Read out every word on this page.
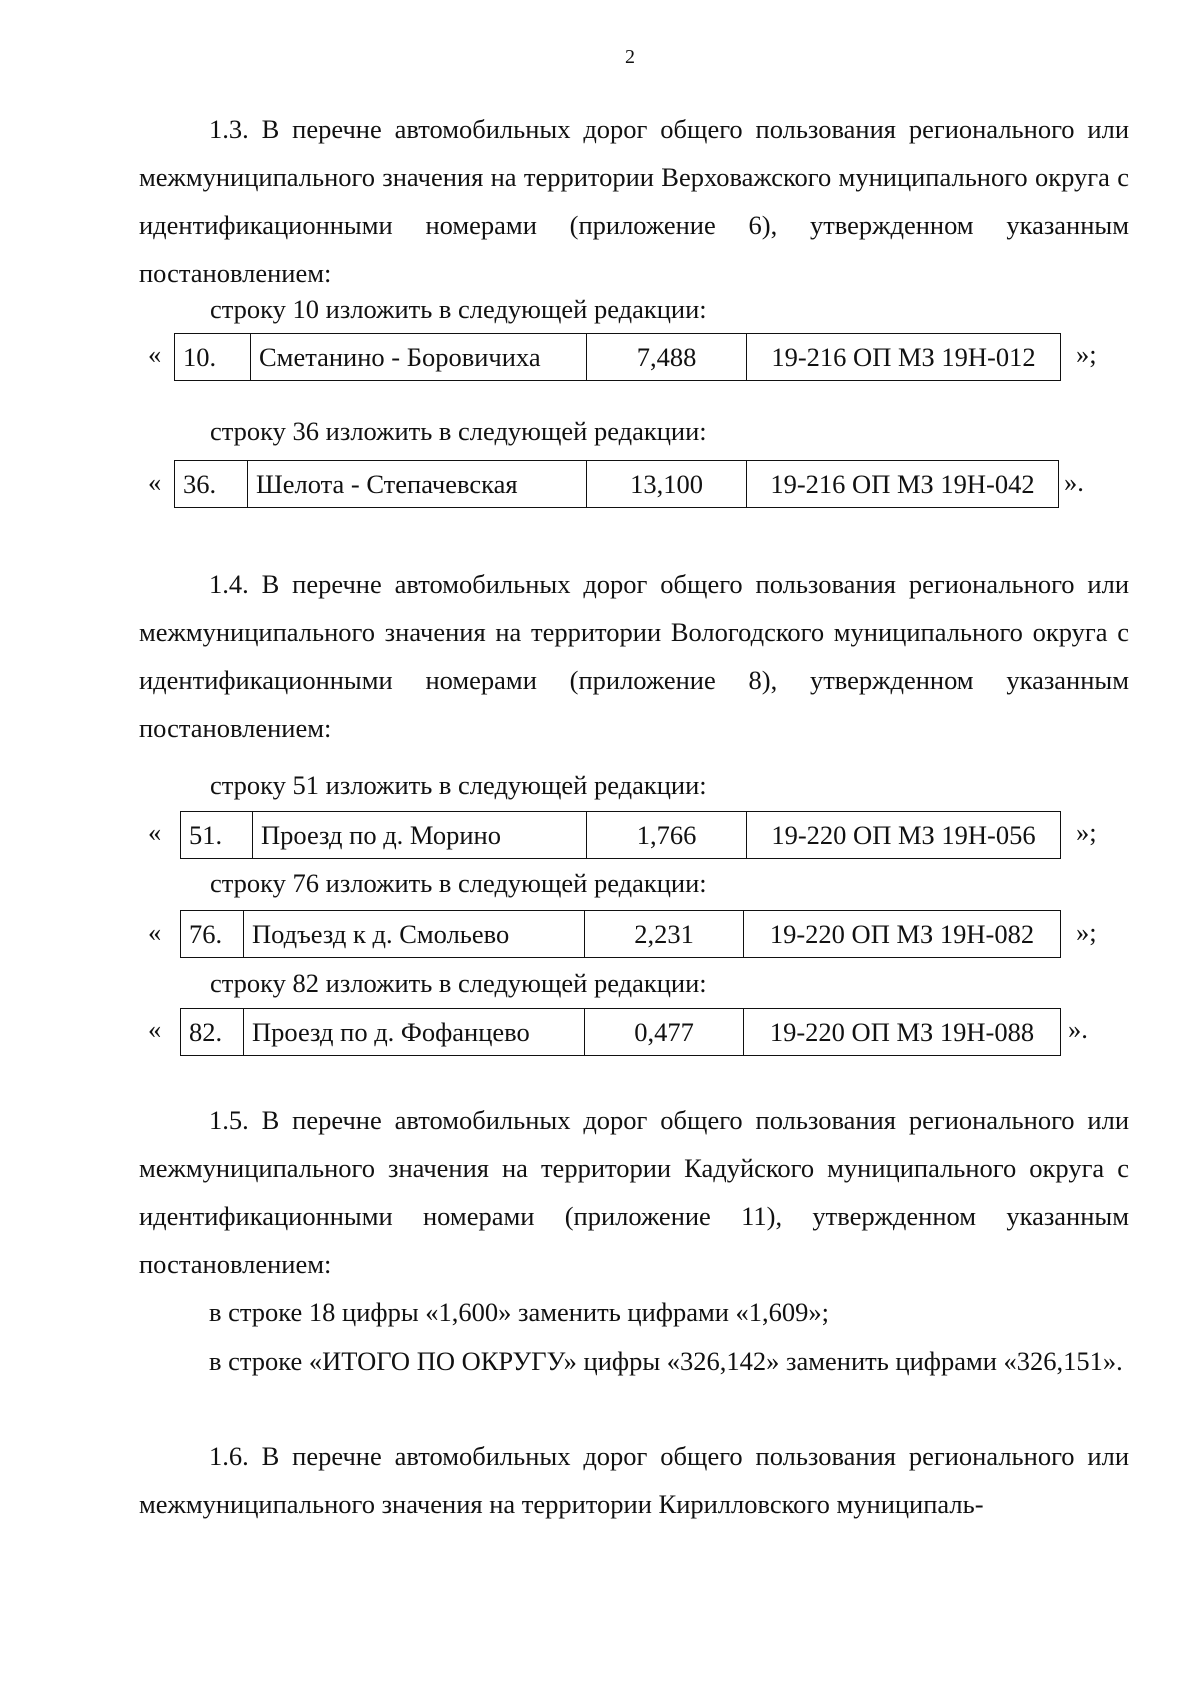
2

1.3. В перечне автомобильных дорог общего пользования регионального или межмуниципального значения на территории Верховажского муниципального округа с идентификационными номерами (приложение 6), утвержденном указанным постановлением:

строку 10 изложить в следующей редакции:

« 10.	Сметанино - Боровичиха	7,488	19-216 ОП МЗ 19Н-012 »;

строку 36 изложить в следующей редакции:

« 36.	Шелота - Степачевская	13,100	19-216 ОП МЗ 19Н-042 ».

1.4. В перечне автомобильных дорог общего пользования регионального или межмуниципального значения на территории Вологодского муниципального округа с идентификационными номерами (приложение 8), утвержденном указанным постановлением:

строку 51 изложить в следующей редакции:

« 51.	Проезд по д. Морино	1,766	19-220 ОП МЗ 19Н-056 »;

строку 76 изложить в следующей редакции:

« 76.	Подъезд к д. Смольево	2,231	19-220 ОП МЗ 19Н-082 »;

строку 82 изложить в следующей редакции:

« 82.	Проезд по д. Фофанцево	0,477	19-220 ОП МЗ 19Н-088 ».

1.5. В перечне автомобильных дорог общего пользования регионального или межмуниципального значения на территории Кадуйского муниципального округа с идентификационными номерами (приложение 11), утвержденном указанным постановлением:

в строке 18 цифры «1,600» заменить цифрами «1,609»;

в строке «ИТОГО ПО ОКРУГУ» цифры «326,142» заменить цифрами «326,151».

1.6. В перечне автомобильных дорог общего пользования регионального или межмуниципального значения на территории Кирилловского муниципаль-
